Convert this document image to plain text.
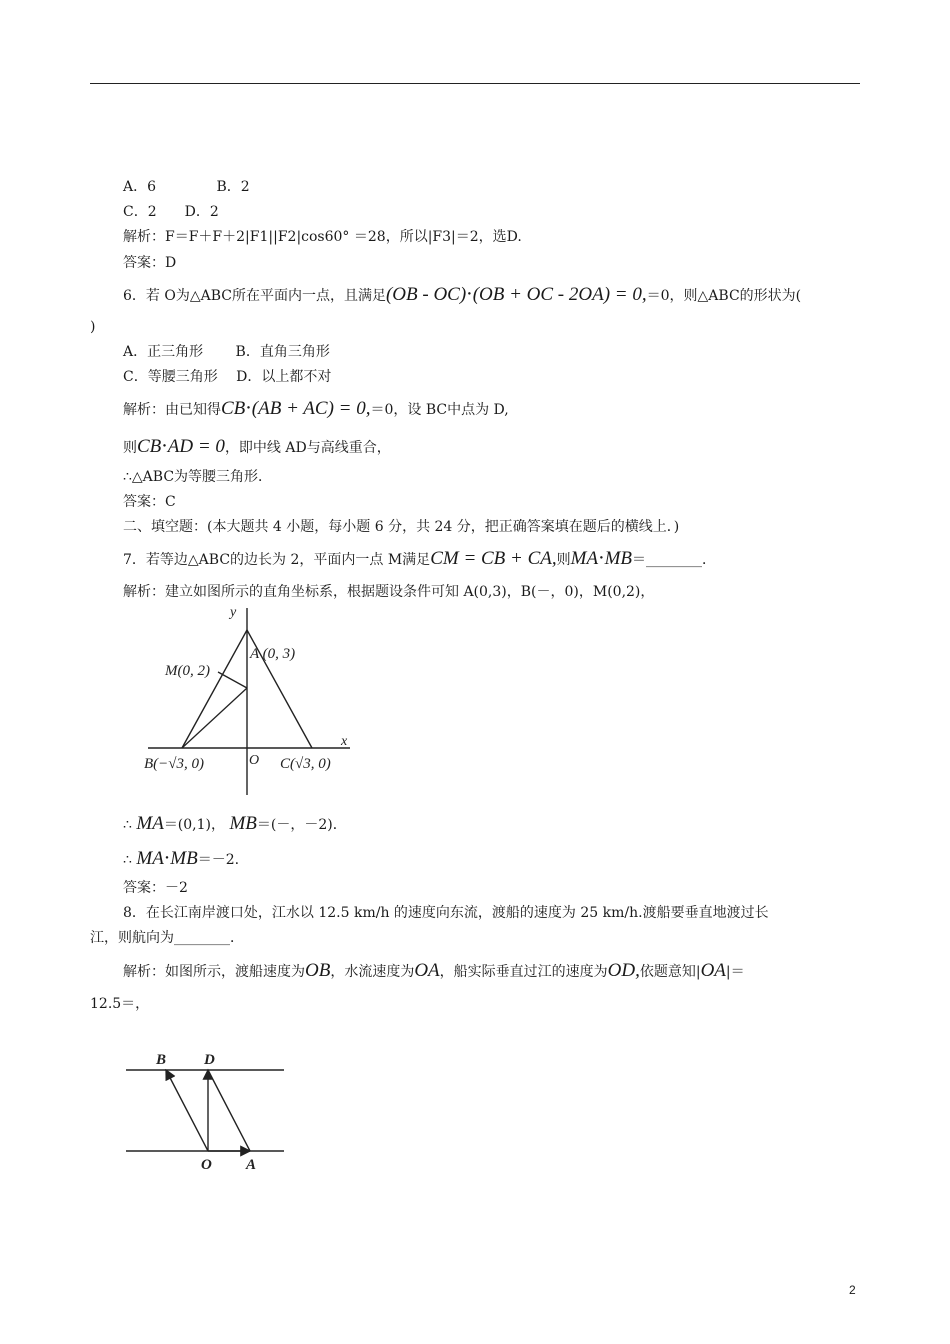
A．6　　　　 B．2
C．2　　D．2
解析：F＝F＋F＋2|F1||F2|cos60° ＝28，所以|F3|＝2，选D.
答案：D
6．若 O为△ABC所在平面内一点，且满足(OB - OC)⋅(OB + OC - 2OA) = 0,＝0，则△ABC的形状为(
)
A．正三角形　　 B．直角三角形
C．等腰三角形　 D．以上都不对
解析：由已知得CB⋅(AB + AC) = 0,＝0，设 BC中点为 D,
则CB⋅AD = 0，即中线 AD与高线重合，
∴△ABC为等腰三角形．
答案：C
二、填空题：(本大题共 4 小题，每小题 6 分，共 24 分，把正确答案填在题后的横线上．)
7．若等边△ABC的边长为 2，平面内一点 M满足CM = CB + CA,则MA⋅MB＝________．
解析：建立如图所示的直角坐标系，根据题设条件可知 A(0,3)，B(－，0)，M(0,2)，
y
x
A (0, 3)
M(0, 2)
O
B(−√3, 0)	C(√3, 0)
∴ MA＝(0,1)， MB＝(－，－2)．
∴ MA⋅MB＝－2.
答案：－2
8．在长江南岸渡口处，江水以 12.5 km/h 的速度向东流，渡船的速度为 25 km/h.渡船要垂直地渡过长
江，则航向为________．
解析：如图所示，渡船速度为OB，水流速度为OA，船实际垂直过江的速度为OD,依题意知|OA|＝
12.5＝，
B	D
O A
2
